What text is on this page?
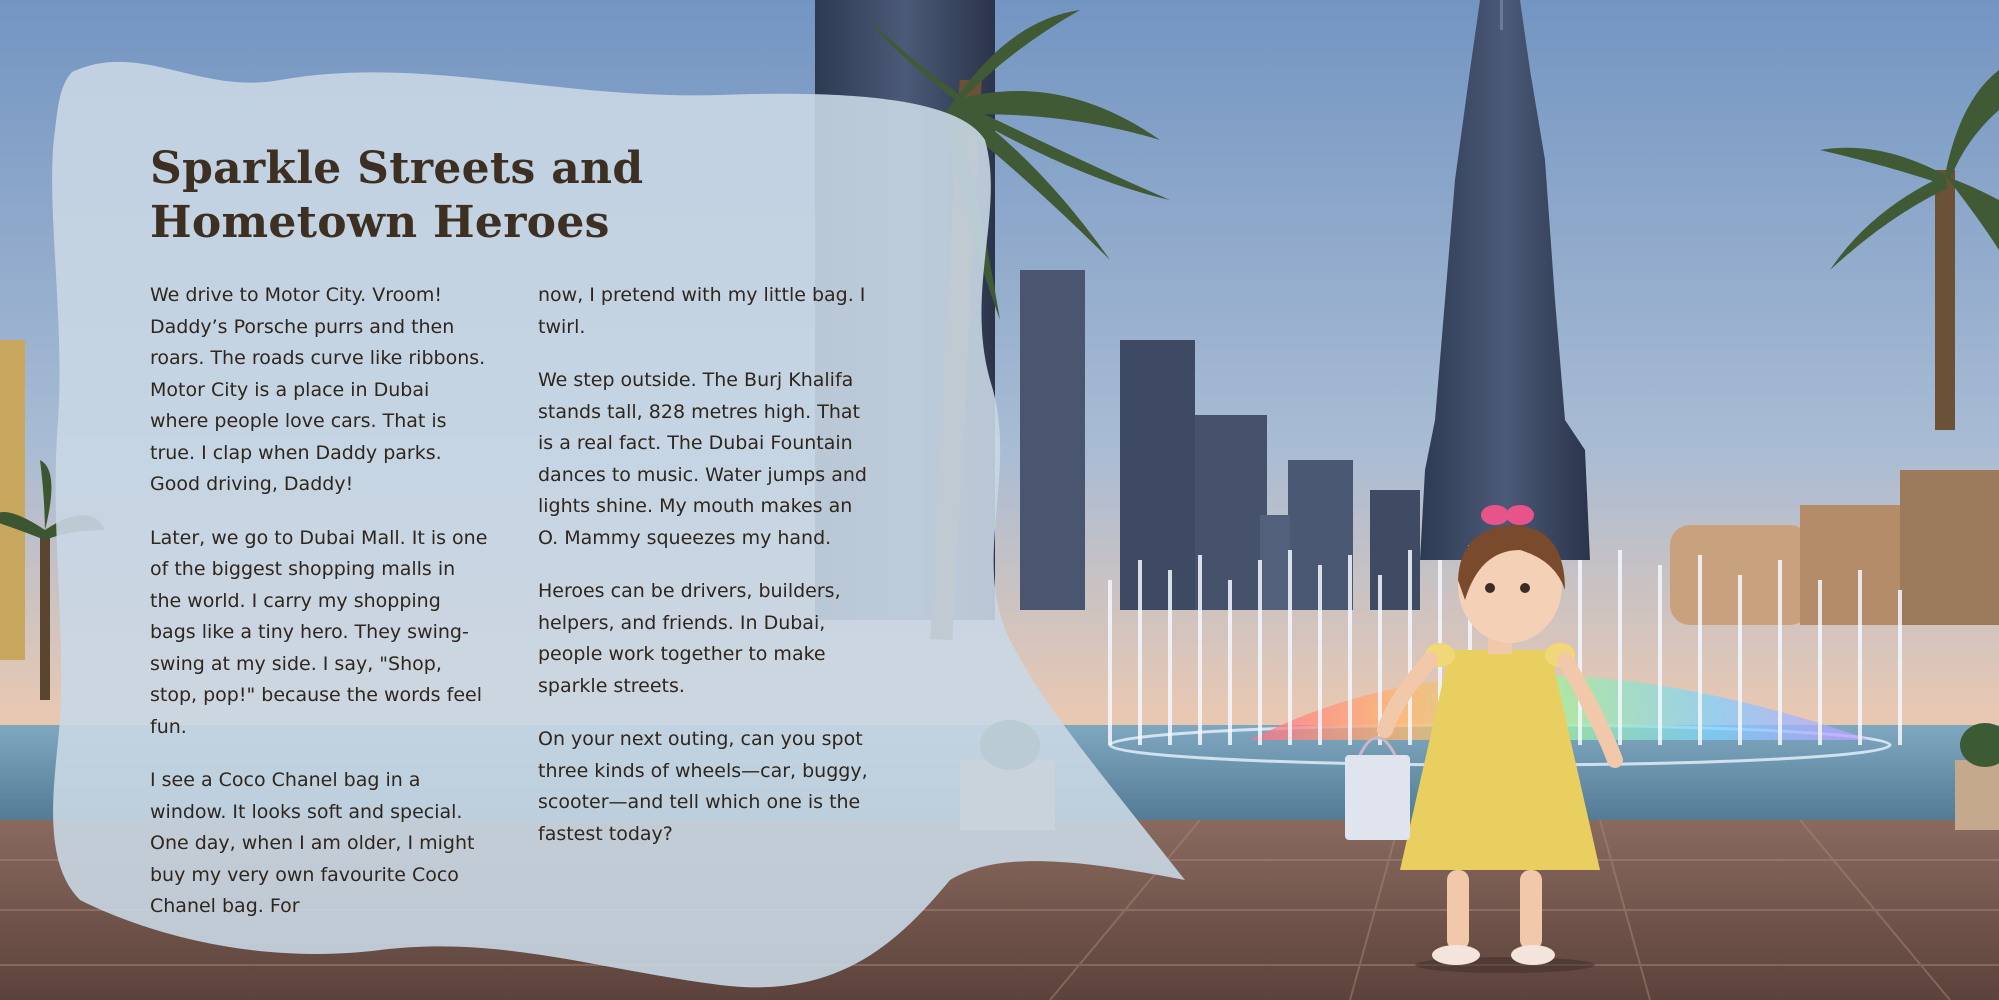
Sparkle Streets and Hometown Heroes

We drive to Motor City. Vroom! Daddy’s Porsche purrs and then roars. The roads curve like ribbons. Motor City is a place in Dubai where people love cars. That is true. I clap when Daddy parks. Good driving, Daddy!

Later, we go to Dubai Mall. It is one of the biggest shopping malls in the world. I carry my shopping bags like a tiny hero. They swing-swing at my side. I say, "Shop, stop, pop!" because the words feel fun.

I see a Coco Chanel bag in a window. It looks soft and special. One day, when I am older, I might buy my very own favourite Coco Chanel bag. For

now, I pretend with my little bag. I twirl.

We step outside. The Burj Khalifa stands tall, 828 metres high. That is a real fact. The Dubai Fountain dances to music. Water jumps and lights shine. My mouth makes an O. Mammy squeezes my hand.

Heroes can be drivers, builders, helpers, and friends. In Dubai, people work together to make sparkle streets.

On your next outing, can you spot three kinds of wheels—car, buggy, scooter—and tell which one is the fastest today?
